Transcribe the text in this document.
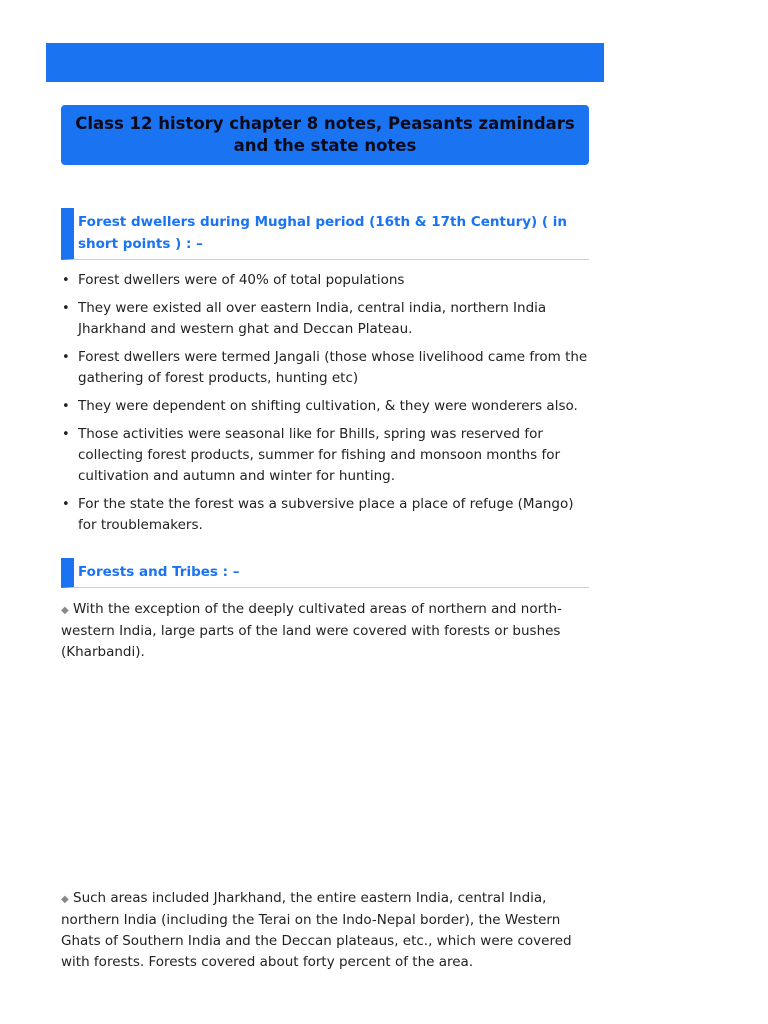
Class 12 history chapter 8 notes, Peasants zamindars and the state notes
Forest dwellers during Mughal period (16th & 17th Century) ( in short points ) : –
• Forest dwellers were of 40% of total populations
• They were existed all over eastern India, central india, northern India Jharkhand and western ghat and Deccan Plateau.
• Forest dwellers were termed Jangali (those whose livelihood came from the gathering of forest products, hunting etc)
• They were dependent on shifting cultivation, & they were wonderers also.
• Those activities were seasonal like for Bhills, spring was reserved for collecting forest products, summer for fishing and monsoon months for cultivation and autumn and winter for hunting.
• For the state the forest was a subversive place a place of refuge (Mango) for troublemakers.
Forests and Tribes : –

◆ With the exception of the deeply cultivated areas of northern and north-western India, large parts of the land were covered with forests or bushes (Kharbandi).

◆ Such areas included Jharkhand, the entire eastern India, central India, northern India (including the Terai on the Indo-Nepal border), the Western Ghats of Southern India and the Deccan plateaus, etc., which were covered with forests. Forests covered about forty percent of the area.
